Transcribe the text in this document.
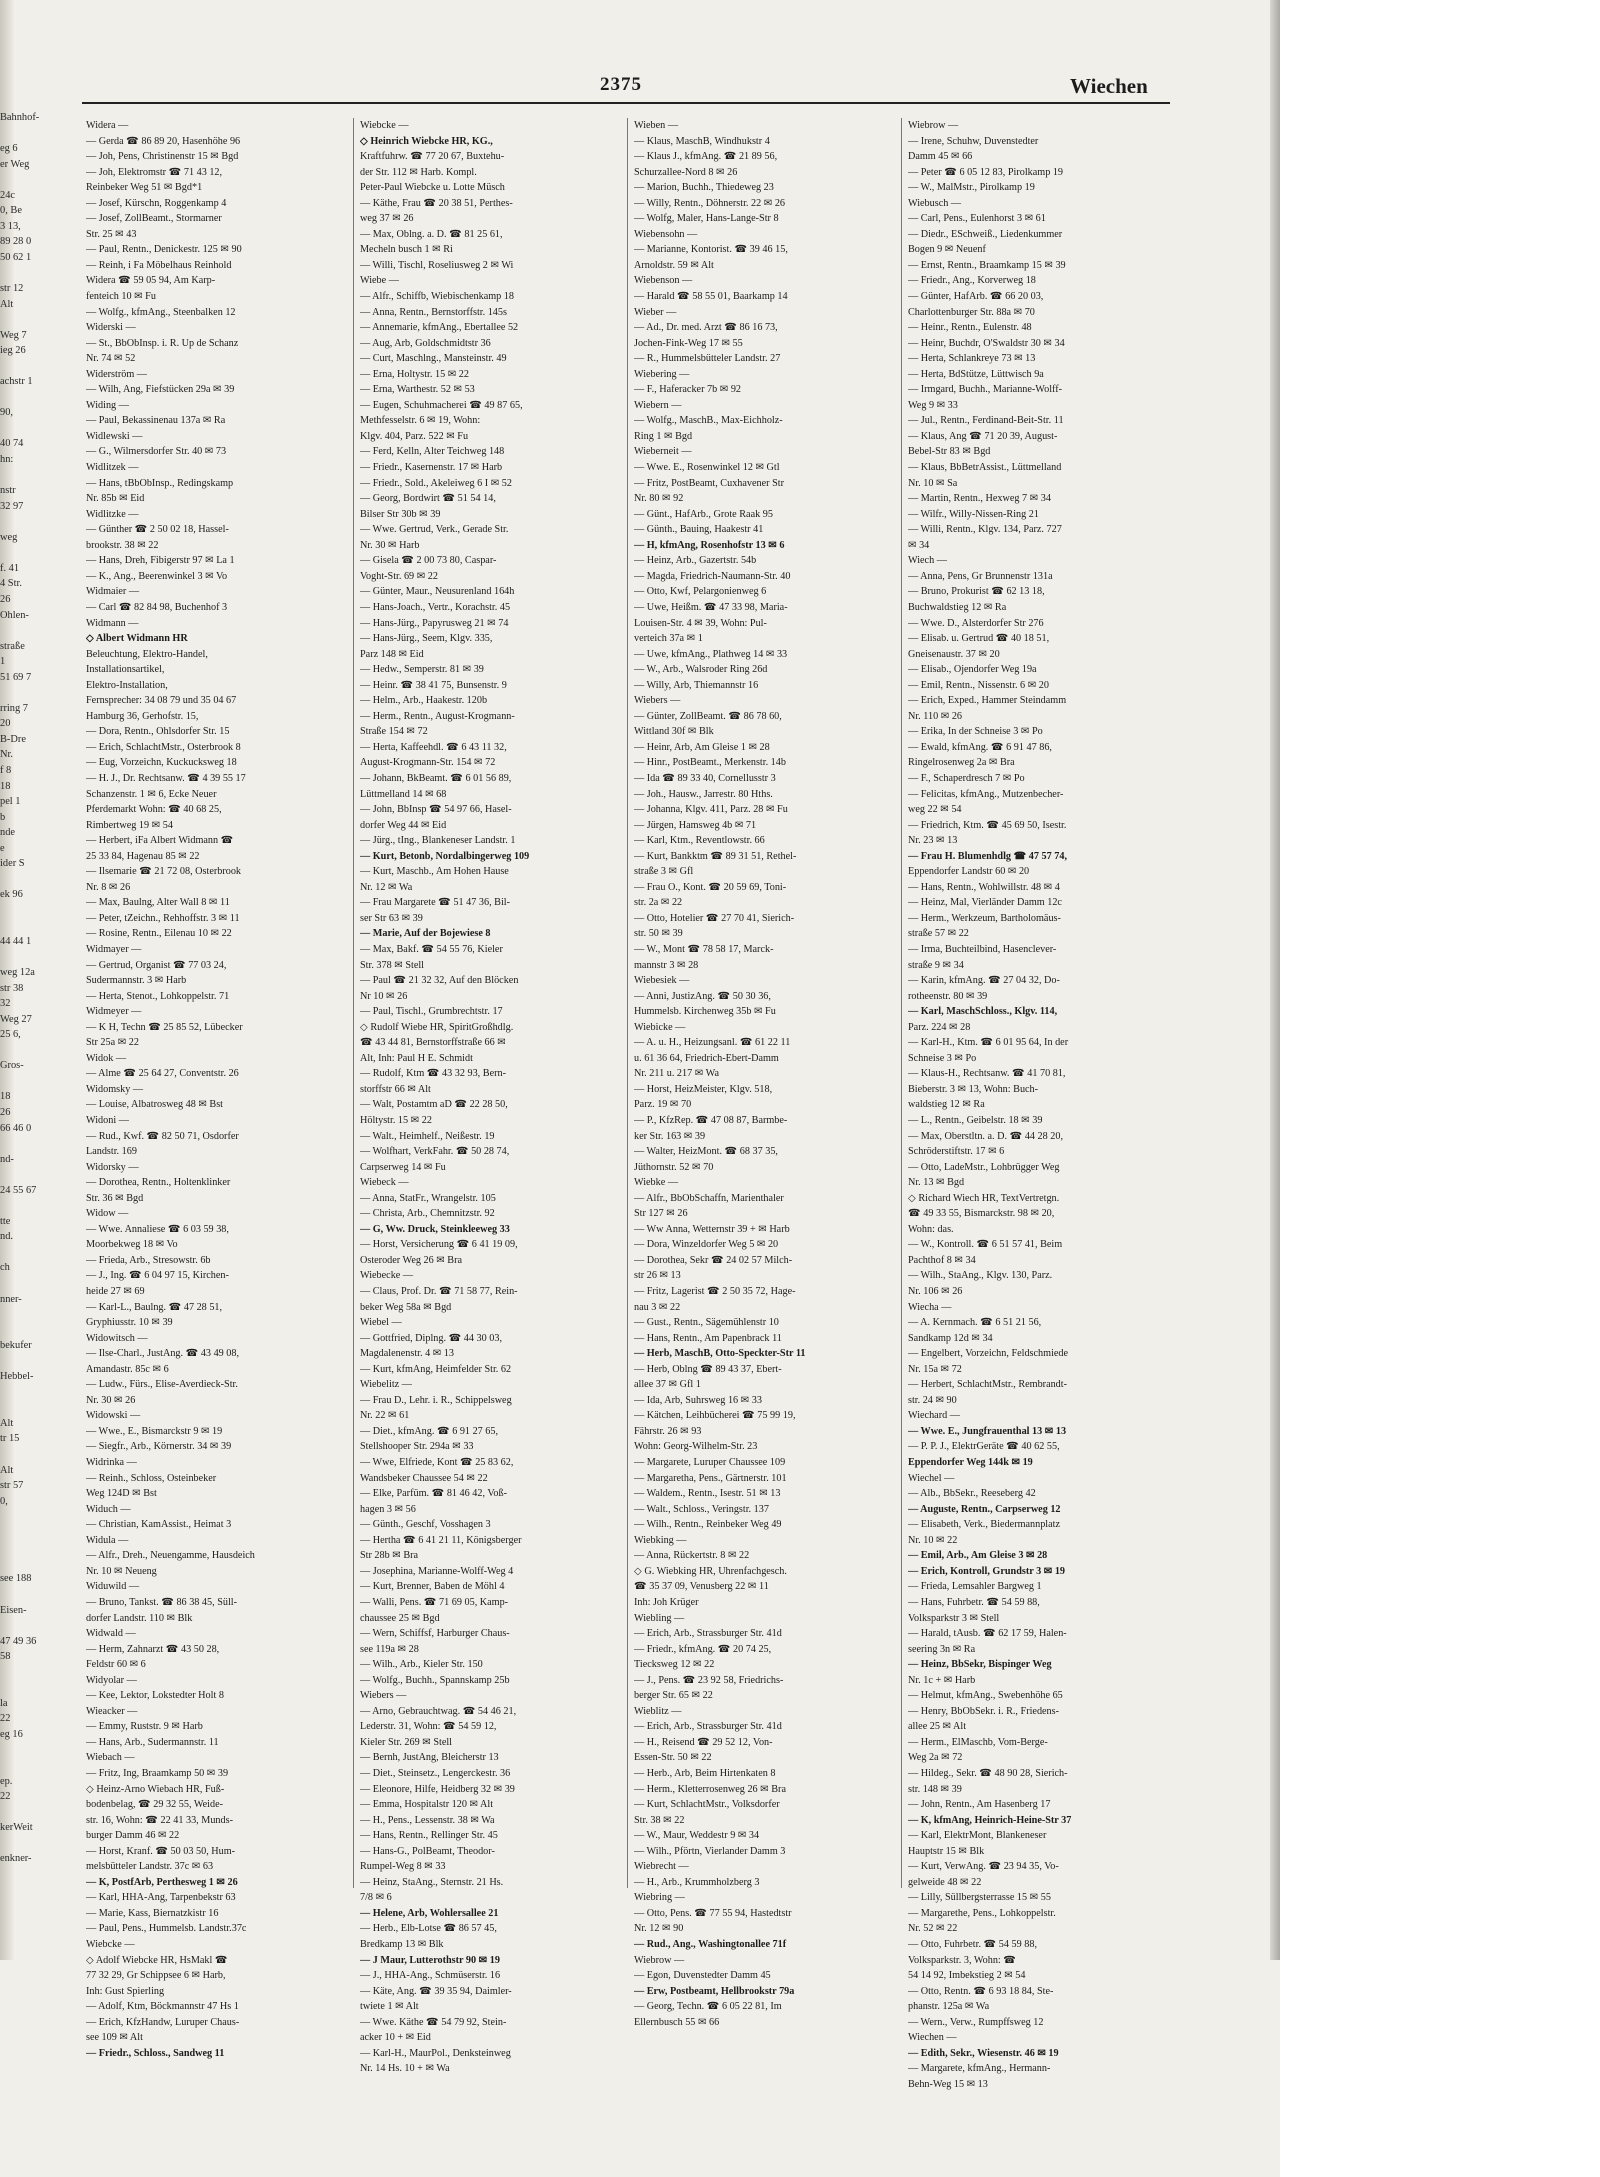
2375	Wiechen
Bahnhof-

eg 6
er Weg

24c
0, Be
3 13,
89 28 0
50 62 1

str 12
Alt

Weg 7
ieg 26

achstr 1

90,

40 74
hn:

nstr
32 97

weg

f. 41
4 Str.
26
Ohlen-

straße
1
51 69 7

rring 7
20
B-Dre
Nr.
f 8
18
pel 1
b
nde
e
ider S

ek 96

44 44 1

weg 12a
str 38
32
Weg 27
25 6,

Gros-

18
26
66 46 0

nd-

24 55 67

tte
nd.

ch

nner-

bekufer

Hebbel-

Alt
tr 15

Alt
str 57
0,

see 188

Eisen-

47 49 36
58

la
22
eg 16

ep.
22

kerWeit

enkner-
Widera —
— Gerda ☎ 86 89 20, Hasenhöhe 96
— Joh, Pens, Christinenstr 15 ✉ Bgd
— Joh, Elektromstr ☎ 71 43 12,
Reinbeker Weg 51 ✉ Bgd*1
— Josef, Kürschn, Roggenkamp 4
— Josef, ZollBeamt., Stormarner
Str. 25 ✉ 43
— Paul, Rentn., Denickestr. 125 ✉ 90
— Reinh, i Fa Möbelhaus Reinhold
Widera ☎ 59 05 94, Am Karp-
fenteich 10 ✉ Fu
— Wolfg., kfmAng., Steenbalken 12
Widerski —
— St., BbObInsp. i. R. Up de Schanz
Nr. 74 ✉ 52
Widerström —
— Wilh, Ang, Fiefstücken 29a ✉ 39
Widing —
— Paul, Bekassinenau 137a ✉ Ra
Widlewski —
— G., Wilmersdorfer Str. 40 ✉ 73
Widlitzek —
— Hans, tBbObInsp., Redingskamp
Nr. 85b ✉ Eid
Widlitzke —
— Günther ☎ 2 50 02 18, Hassel-
brookstr. 38 ✉ 22
— Hans, Dreh, Fibigerstr 97 ✉ La 1
— K., Ang., Beerenwinkel 3 ✉ Vo
Widmaier —
— Carl ☎ 82 84 98, Buchenhof 3
Widmann —
◇ Albert Widmann HR
Beleuchtung, Elektro-Handel,
Installationsartikel,
Elektro-Installation,
Fernsprecher: 34 08 79 und 35 04 67
Hamburg 36, Gerhofstr. 15,
— Dora, Rentn., Ohlsdorfer Str. 15
— Erich, SchlachtMstr., Osterbrook 8
— Eug, Vorzeichn, Kuckucksweg 18
— H. J., Dr. Rechtsanw. ☎ 4 39 55 17
Schanzenstr. 1 ✉ 6, Ecke Neuer
Pferdemarkt Wohn: ☎ 40 68 25,
Rimbertweg 19 ✉ 54
— Herbert, iFa Albert Widmann ☎
25 33 84, Hagenau 85 ✉ 22
— Ilsemarie ☎ 21 72 08, Osterbrook
Nr. 8 ✉ 26
— Max, Baulng, Alter Wall 8 ✉ 11
— Peter, tZeichn., Rehhoffstr. 3 ✉ 11
— Rosine, Rentn., Eilenau 10 ✉ 22
Widmayer —
— Gertrud, Organist ☎ 77 03 24,
Sudermannstr. 3 ✉ Harb
— Herta, Stenot., Lohkoppelstr. 71
Widmeyer —
— K H, Techn ☎ 25 85 52, Lübecker
Str 25a ✉ 22
Widok —
— Alme ☎ 25 64 27, Conventstr. 26
Widomsky —
— Louise, Albatrosweg 48 ✉ Bst
Widoni —
— Rud., Kwf. ☎ 82 50 71, Osdorfer
Landstr. 169
Widorsky —
— Dorothea, Rentn., Holtenklinker
Str. 36 ✉ Bgd
Widow —
— Wwe. Annaliese ☎ 6 03 59 38,
Moorbekweg 18 ✉ Vo
— Frieda, Arb., Stresowstr. 6b
— J., Ing. ☎ 6 04 97 15, Kirchen-
heide 27 ✉ 69
— Karl-L., Baulng. ☎ 47 28 51,
Gryphiusstr. 10 ✉ 39
Widowitsch —
— Ilse-Charl., JustAng. ☎ 43 49 08,
Amandastr. 85c ✉ 6
— Ludw., Fürs., Elise-Averdieck-Str.
Nr. 30 ✉ 26
Widowski —
— Wwe., E., Bismarckstr 9 ✉ 19
— Siegfr., Arb., Körnerstr. 34 ✉ 39
Widrinka —
— Reinh., Schloss, Osteinbeker
Weg 124D ✉ Bst
Widuch —
— Christian, KamAssist., Heimat 3
Widula —
— Alfr., Dreh., Neuengamme, Hausdeich
Nr. 10 ✉ Neueng
Widuwild —
— Bruno, Tankst. ☎ 86 38 45, Süll-
dorfer Landstr. 110 ✉ Blk
Widwald —
— Herm, Zahnarzt ☎ 43 50 28,
Feldstr 60 ✉ 6
Widyolar —
— Kee, Lektor, Lokstedter Holt 8
Wieacker —
— Emmy, Ruststr. 9 ✉ Harb
— Hans, Arb., Sudermannstr. 11
Wiebach —
— Fritz, Ing, Braamkamp 50 ✉ 39
◇ Heinz-Arno Wiebach HR, Fuß-
bodenbelag, ☎ 29 32 55, Weide-
str. 16, Wohn: ☎ 22 41 33, Munds-
burger Damm 46 ✉ 22
— Horst, Kranf. ☎ 50 03 50, Hum-
melsbütteler Landstr. 37c ✉ 63
— K, PostfArb, Perthesweg 1 ✉ 26
— Karl, HHA-Ang, Tarpenbekstr 63
— Marie, Kass, Biernatzkistr 16
— Paul, Pens., Hummelsb. Landstr.37c
Wiebcke —
◇ Adolf Wiebcke HR, HsMakl ☎
77 32 29, Gr Schippsee 6 ✉ Harb,
Inh: Gust Spierling
— Adolf, Ktm, Böckmannstr 47 Hs 1
— Erich, KfzHandw, Luruper Chaus-
see 109 ✉ Alt
— Friedr., Schloss., Sandweg 11
Wiebcke —
◇ Heinrich Wiebcke HR, KG.,
Kraftfuhrw. ☎ 77 20 67, Buxtehu-
der Str. 112 ✉ Harb. Kompl.
Peter-Paul Wiebcke u. Lotte Müsch
— Käthe, Frau ☎ 20 38 51, Perthes-
weg 37 ✉ 26
— Max, Oblng. a. D. ☎ 81 25 61,
Mecheln busch 1 ✉ Ri
— Willi, Tischl, Roseliusweg 2 ✉ Wi
Wiebe —
— Alfr., Schiffb, Wiebischenkamp 18
— Anna, Rentn., Bernstorffstr. 145s
— Annemarie, kfmAng., Ebertallee 52
— Aug, Arb, Goldschmidtstr 36
— Curt, Maschlng., Mansteinstr. 49
— Erna, Holtystr. 15 ✉ 22
— Erna, Warthestr. 52 ✉ 53
— Eugen, Schuhmacherei ☎ 49 87 65,
Methfesselstr. 6 ✉ 19, Wohn:
Klgv. 404, Parz. 522 ✉ Fu
— Ferd, Kelln, Alter Teichweg 148
— Friedr., Kasernenstr. 17 ✉ Harb
— Friedr., Sold., Akeleiweg 6 I ✉ 52
— Georg, Bordwirt ☎ 51 54 14,
Bilser Str 30b ✉ 39
— Wwe. Gertrud, Verk., Gerade Str.
Nr. 30 ✉ Harb
— Gisela ☎ 2 00 73 80, Caspar-
Voght-Str. 69 ✉ 22
— Günter, Maur., Neusurenland 164h
— Hans-Joach., Vertr., Korachstr. 45
— Hans-Jürg., Papyrusweg 21 ✉ 74
— Hans-Jürg., Seem, Klgv. 335,
Parz 148 ✉ Eid
— Hedw., Semperstr. 81 ✉ 39
— Heinr. ☎ 38 41 75, Bunsenstr. 9
— Helm., Arb., Haakestr. 120b
— Herm., Rentn., August-Krogmann-
Straße 154 ✉ 72
— Herta, Kaffeehdl. ☎ 6 43 11 32,
August-Krogmann-Str. 154 ✉ 72
— Johann, BkBeamt. ☎ 6 01 56 89,
Lüttmelland 14 ✉ 68
— John, BbInsp ☎ 54 97 66, Hasel-
dorfer Weg 44 ✉ Eid
— Jürg., tIng., Blankeneser Landstr. 1
— Kurt, Betonb, Nordalbingerweg 109
— Kurt, Maschb., Am Hohen Hause
Nr. 12 ✉ Wa
— Frau Margarete ☎ 51 47 36, Bil-
ser Str 63 ✉ 39
— Marie, Auf der Bojewiese 8
— Max, Bakf. ☎ 54 55 76, Kieler
Str. 378 ✉ Stell
— Paul ☎ 21 32 32, Auf den Blöcken
Nr 10 ✉ 26
— Paul, Tischl., Grumbrechtstr. 17
◇ Rudolf Wiebe HR, SpiritGroßhdlg.
☎ 43 44 81, Bernstorffstraße 66 ✉
Alt, Inh: Paul H E. Schmidt
— Rudolf, Ktm ☎ 43 32 93, Bern-
storffstr 66 ✉ Alt
— Walt, Postamtm aD ☎ 22 28 50,
Höltystr. 15 ✉ 22
— Walt., Heimhelf., Neißestr. 19
— Wolfhart, VerkFahr. ☎ 50 28 74,
Carpserweg 14 ✉ Fu
Wiebeck —
— Anna, StatFr., Wrangelstr. 105
— Christa, Arb., Chemnitzstr. 92
— G, Ww. Druck, Steinkleeweg 33
— Horst, Versicherung ☎ 6 41 19 09,
Osteroder Weg 26 ✉ Bra
Wiebecke —
— Claus, Prof. Dr. ☎ 71 58 77, Rein-
beker Weg 58a ✉ Bgd
Wiebel —
— Gottfried, Diplng. ☎ 44 30 03,
Magdalenenstr. 4 ✉ 13
— Kurt, kfmAng, Heimfelder Str. 62
Wiebelitz —
— Frau D., Lehr. i. R., Schippelsweg
Nr. 22 ✉ 61
— Diet., kfmAng. ☎ 6 91 27 65,
Stellshooper Str. 294a ✉ 33
— Wwe, Elfriede, Kont ☎ 25 83 62,
Wandsbeker Chaussee 54 ✉ 22
— Elke, Parfüm. ☎ 81 46 42, Voß-
hagen 3 ✉ 56
— Günth., Geschf, Vosshagen 3
— Hertha ☎ 6 41 21 11, Königsberger
Str 28b ✉ Bra
— Josephina, Marianne-Wolff-Weg 4
— Kurt, Brenner, Baben de Möhl 4
— Walli, Pens. ☎ 71 69 05, Kamp-
chaussee 25 ✉ Bgd
— Wern, Schiffsf, Harburger Chaus-
see 119a ✉ 28
— Wilh., Arb., Kieler Str. 150
— Wolfg., Buchh., Spannskamp 25b
Wiebers —
— Arno, Gebrauchtwag. ☎ 54 46 21,
Lederstr. 31, Wohn: ☎ 54 59 12,
Kieler Str. 269 ✉ Stell
— Bernh, JustAng, Bleicherstr 13
— Diet., Steinsetz., Lengerckestr. 36
— Eleonore, Hilfe, Heidberg 32 ✉ 39
— Emma, Hospitalstr 120 ✉ Alt
— H., Pens., Lessenstr. 38 ✉ Wa
— Hans, Rentn., Rellinger Str. 45
— Hans-G., PolBeamt, Theodor-
Rumpel-Weg 8 ✉ 33
— Heinz, StaAng., Sternstr. 21 Hs.
7/8 ✉ 6
— Helene, Arb, Wohlersallee 21
— Herb., Elb-Lotse ☎ 86 57 45,
Bredkamp 13 ✉ Blk
— J Maur, Lutterothstr 90 ✉ 19
— J., HHA-Ang., Schmüserstr. 16
— Käte, Ang. ☎ 39 35 94, Daimler-
twiete 1 ✉ Alt
— Wwe. Käthe ☎ 54 79 92, Stein-
acker 10 + ✉ Eid
— Karl-H., MaurPol., Denksteinweg
Nr. 14 Hs. 10 + ✉ Wa
Wieben —
— Klaus, MaschB, Windhukstr 4
— Klaus J., kfmAng. ☎ 21 89 56,
Schurzallee-Nord 8 ✉ 26
— Marion, Buchh., Thiedeweg 23
— Willy, Rentn., Döhnerstr. 22 ✉ 26
— Wolfg, Maler, Hans-Lange-Str 8
Wiebensohn —
— Marianne, Kontorist. ☎ 39 46 15,
Arnoldstr. 59 ✉ Alt
Wiebenson —
— Harald ☎ 58 55 01, Baarkamp 14
Wieber —
— Ad., Dr. med. Arzt ☎ 86 16 73,
Jochen-Fink-Weg 17 ✉ 55
— R., Hummelsbütteler Landstr. 27
Wiebering —
— F., Haferacker 7b ✉ 92
Wiebern —
— Wolfg., MaschB., Max-Eichholz-
Ring 1 ✉ Bgd
Wieberneit —
— Wwe. E., Rosenwinkel 12 ✉ Gtl
— Fritz, PostBeamt, Cuxhavener Str
Nr. 80 ✉ 92
— Günt., HafArb., Grote Raak 95
— Günth., Bauing, Haakestr 41
— H, kfmAng, Rosenhofstr 13 ✉ 6
— Heinz, Arb., Gazertstr. 54b
— Magda, Friedrich-Naumann-Str. 40
— Otto, Kwf, Pelargonienweg 6
— Uwe, Heißm. ☎ 47 33 98, Maria-
Louisen-Str. 4 ✉ 39, Wohn: Pul-
verteich 37a ✉ 1
— Uwe, kfmAng., Plathweg 14 ✉ 33
— W., Arb., Walsroder Ring 26d
— Willy, Arb, Thiemannstr 16
Wiebers —
— Günter, ZollBeamt. ☎ 86 78 60,
Wittland 30f ✉ Blk
— Heinr, Arb, Am Gleise 1 ✉ 28
— Hinr., PostBeamt., Merkenstr. 14b
— Ida ☎ 89 33 40, Cornellusstr 3
— Joh., Hausw., Jarrestr. 80 Hths.
— Johanna, Klgv. 411, Parz. 28 ✉ Fu
— Jürgen, Hamsweg 4b ✉ 71
— Karl, Ktm., Reventlowstr. 66
— Kurt, Bankktm ☎ 89 31 51, Rethel-
straße 3 ✉ Gfl
— Frau O., Kont. ☎ 20 59 69, Toni-
str. 2a ✉ 22
— Otto, Hotelier ☎ 27 70 41, Sierich-
str. 50 ✉ 39
— W., Mont ☎ 78 58 17, Marck-
mannstr 3 ✉ 28
Wiebesiek —
— Anni, JustizAng. ☎ 50 30 36,
Hummelsb. Kirchenweg 35b ✉ Fu
Wiebicke —
— A. u. H., Heizungsanl. ☎ 61 22 11
u. 61 36 64, Friedrich-Ebert-Damm
Nr. 211 u. 217 ✉ Wa
— Horst, HeizMeister, Klgv. 518,
Parz. 19 ✉ 70
— P., KfzRep. ☎ 47 08 87, Barmbe-
ker Str. 163 ✉ 39
— Walter, HeizMont. ☎ 68 37 35,
Jüthornstr. 52 ✉ 70
Wiebke —
— Alfr., BbObSchaffn, Marienthaler
Str 127 ✉ 26
— Ww Anna, Wetternstr 39 + ✉ Harb
— Dora, Winzeldorfer Weg 5 ✉ 20
— Dorothea, Sekr ☎ 24 02 57 Milch-
str 26 ✉ 13
— Fritz, Lagerist ☎ 2 50 35 72, Hage-
nau 3 ✉ 22
— Gust., Rentn., Sägemühlenstr 10
— Hans, Rentn., Am Papenbrack 11
— Herb, MaschB, Otto-Speckter-Str 11
— Herb, Oblng ☎ 89 43 37, Ebert-
allee 37 ✉ Gfl 1
— Ida, Arb, Suhrsweg 16 ✉ 33
— Kätchen, Leihbücherei ☎ 75 99 19,
Fährstr. 26 ✉ 93
Wohn: Georg-Wilhelm-Str. 23
— Margarete, Luruper Chaussee 109
— Margaretha, Pens., Gärtnerstr. 101
— Waldem., Rentn., Isestr. 51 ✉ 13
— Walt., Schloss., Veringstr. 137
— Wilh., Rentn., Reinbeker Weg 49
Wiebking —
— Anna, Rückertstr. 8 ✉ 22
◇ G. Wiebking HR, Uhrenfachgesch.
☎ 35 37 09, Venusberg 22 ✉ 11
Inh: Joh Krüger
Wiebling —
— Erich, Arb., Strassburger Str. 41d
— Friedr., kfmAng. ☎ 20 74 25,
Tiecksweg 12 ✉ 22
— J., Pens. ☎ 23 92 58, Friedrichs-
berger Str. 65 ✉ 22
Wieblitz —
— Erich, Arb., Strassburger Str. 41d
— H., Reisend ☎ 29 52 12, Von-
Essen-Str. 50 ✉ 22
— Herb., Arb, Beim Hirtenkaten 8
— Herm., Kletterrosenweg 26 ✉ Bra
— Kurt, SchlachtMstr., Volksdorfer
Str. 38 ✉ 22
— W., Maur, Weddestr 9 ✉ 34
— Wilh., Pförtn, Vierlander Damm 3
Wiebrecht —
— H., Arb., Krummholzberg 3
Wiebring —
— Otto, Pens. ☎ 77 55 94, Hastedtstr
Nr. 12 ✉ 90
— Rud., Ang., Washingtonallee 71f
Wiebrow —
— Egon, Duvenstedter Damm 45
— Erw, Postbeamt, Hellbrookstr 79a
— Georg, Techn. ☎ 6 05 22 81, Im
Ellernbusch 55 ✉ 66
Wiebrow —
— Irene, Schuhw, Duvenstedter
Damm 45 ✉ 66
— Peter ☎ 6 05 12 83, Pirolkamp 19
— W., MalMstr., Pirolkamp 19
Wiebusch —
— Carl, Pens., Eulenhorst 3 ✉ 61
— Diedr., ESchweiß., Liedenkummer
Bogen 9 ✉ Neuenf
— Ernst, Rentn., Braamkamp 15 ✉ 39
— Friedr., Ang., Korverweg 18
— Günter, HafArb. ☎ 66 20 03,
Charlottenburger Str. 88a ✉ 70
— Heinr., Rentn., Eulenstr. 48
— Heinr, Buchdr, O'Swaldstr 30 ✉ 34
— Herta, Schlankreye 73 ✉ 13
— Herta, BdStütze, Lüttwisch 9a
— Irmgard, Buchh., Marianne-Wolff-
Weg 9 ✉ 33
— Jul., Rentn., Ferdinand-Beit-Str. 11
— Klaus, Ang ☎ 71 20 39, August-
Bebel-Str 83 ✉ Bgd
— Klaus, BbBetrAssist., Lüttmelland
Nr. 10 ✉ Sa
— Martin, Rentn., Hexweg 7 ✉ 34
— Wilfr., Willy-Nissen-Ring 21
— Willi, Rentn., Klgv. 134, Parz. 727
✉ 34
Wiech —
— Anna, Pens, Gr Brunnenstr 131a
— Bruno, Prokurist ☎ 62 13 18,
Buchwaldstieg 12 ✉ Ra
— Wwe. D., Alsterdorfer Str 276
— Elisab. u. Gertrud ☎ 40 18 51,
Gneisenaustr. 37 ✉ 20
— Elisab., Ojendorfer Weg 19a
— Emil, Rentn., Nissenstr. 6 ✉ 20
— Erich, Exped., Hammer Steindamm
Nr. 110 ✉ 26
— Erika, In der Schneise 3 ✉ Po
— Ewald, kfmAng. ☎ 6 91 47 86,
Ringelrosenweg 2a ✉ Bra
— F., Schaperdresch 7 ✉ Po
— Felicitas, kfmAng., Mutzenbecher-
weg 22 ✉ 54
— Friedrich, Ktm. ☎ 45 69 50, Isestr.
Nr. 23 ✉ 13
— Frau H. Blumenhdlg ☎ 47 57 74,
Eppendorfer Landstr 60 ✉ 20
— Hans, Rentn., Wohlwillstr. 48 ✉ 4
— Heinz, Mal, Vierländer Damm 12c
— Herm., Werkzeum, Bartholomäus-
straße 57 ✉ 22
— Irma, Buchteilbind, Hasenclever-
straße 9 ✉ 34
— Karin, kfmAng. ☎ 27 04 32, Do-
rotheenstr. 80 ✉ 39
— Karl, MaschSchloss., Klgv. 114,
Parz. 224 ✉ 28
— Karl-H., Ktm. ☎ 6 01 95 64, In der
Schneise 3 ✉ Po
— Klaus-H., Rechtsanw. ☎ 41 70 81,
Bieberstr. 3 ✉ 13, Wohn: Buch-
waldstieg 12 ✉ Ra
— L., Rentn., Geibelstr. 18 ✉ 39
— Max, Oberstltn. a. D. ☎ 44 28 20,
Schröderstiftstr. 17 ✉ 6
— Otto, LadeMstr., Lohbrügger Weg
Nr. 13 ✉ Bgd
◇ Richard Wiech HR, TextVertretgn.
☎ 49 33 55, Bismarckstr. 98 ✉ 20,
Wohn: das.
— W., Kontroll. ☎ 6 51 57 41, Beim
Pachthof 8 ✉ 34
— Wilh., StaAng., Klgv. 130, Parz.
Nr. 106 ✉ 26
Wiecha —
— A. Kernmach. ☎ 6 51 21 56,
Sandkamp 12d ✉ 34
— Engelbert, Vorzeichn, Feldschmiede
Nr. 15a ✉ 72
— Herbert, SchlachtMstr., Rembrandt-
str. 24 ✉ 90
Wiechard —
— Wwe. E., Jungfrauenthal 13 ✉ 13
— P. P. J., ElektrGeräte ☎ 40 62 55,
Eppendorfer Weg 144k ✉ 19
Wiechel —
— Alb., BbSekr., Reeseberg 42
— Auguste, Rentn., Carpserweg 12
— Elisabeth, Verk., Biedermannplatz
Nr. 10 ✉ 22
— Emil, Arb., Am Gleise 3 ✉ 28
— Erich, Kontroll, Grundstr 3 ✉ 19
— Frieda, Lemsahler Bargweg 1
— Hans, Fuhrbetr. ☎ 54 59 88,
Volksparkstr 3 ✉ Stell
— Harald, tAusb. ☎ 62 17 59, Halen-
seering 3n ✉ Ra
— Heinz, BbSekr, Bispinger Weg
Nr. 1c + ✉ Harb
— Helmut, kfmAng., Swebenhöhe 65
— Henry, BbObSekr. i. R., Friedens-
allee 25 ✉ Alt
— Herm., ElMaschb, Vom-Berge-
Weg 2a ✉ 72
— Hildeg., Sekr. ☎ 48 90 28, Sierich-
str. 148 ✉ 39
— John, Rentn., Am Hasenberg 17
— K, kfmAng, Heinrich-Heine-Str 37
— Karl, ElektrMont, Blankeneser
Hauptstr 15 ✉ Blk
— Kurt, VerwAng. ☎ 23 94 35, Vo-
gelweide 48 ✉ 22
— Lilly, Süllbergsterrasse 15 ✉ 55
— Margarethe, Pens., Lohkoppelstr.
Nr. 52 ✉ 22
— Otto, Fuhrbetr. ☎ 54 59 88,
Volksparkstr. 3, Wohn: ☎
54 14 92, Imbekstieg 2 ✉ 54
— Otto, Rentn. ☎ 6 93 18 84, Ste-
phanstr. 125a ✉ Wa
— Wern., Verw., Rumpffsweg 12
Wiechen —
— Edith, Sekr., Wiesenstr. 46 ✉ 19
— Margarete, kfmAng., Hermann-
Behn-Weg 15 ✉ 13
